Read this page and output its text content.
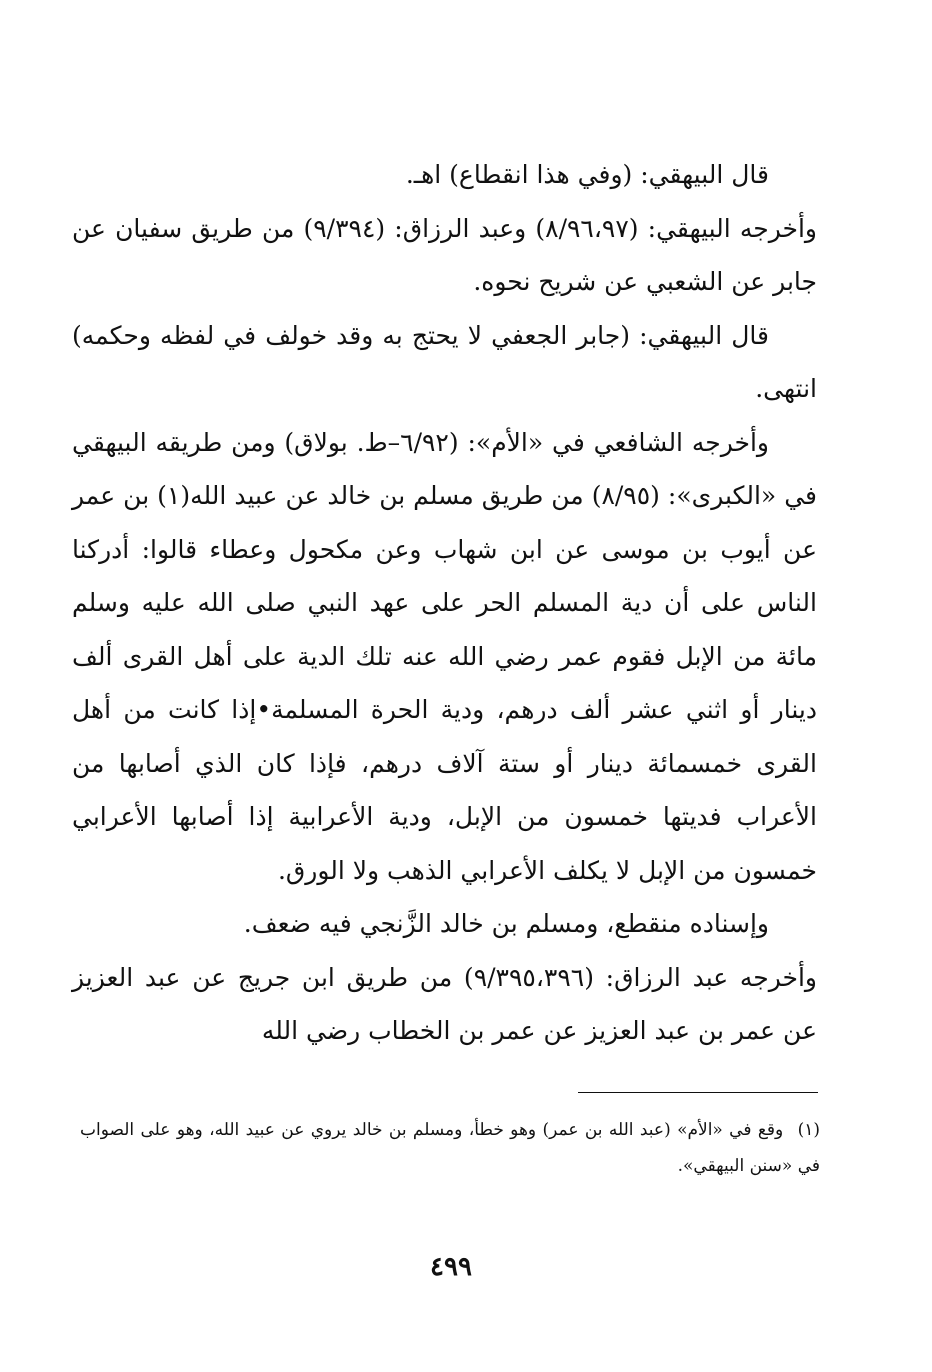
قال البيهقي: (وفي هذا انقطاع) اهـ.

وأخرجه البيهقي: (٨/٩٦،٩٧) وعبد الرزاق: (٩/٣٩٤) من طريق سفيان عن جابر عن الشعبي عن شريح نحوه.

قال البيهقي: (جابر الجعفي لا يحتج به وقد خولف في لفظه وحكمه) انتهى.

وأخرجه الشافعي في «الأم»: (٦/٩٢–ط. بولاق) ومن طريقه البيهقي في «الكبرى»: (٨/٩٥) من طريق مسلم بن خالد عن عبيد الله(١) بن عمر عن أيوب بن موسى عن ابن شهاب وعن مكحول وعطاء قالوا: أدركنا الناس على أن دية المسلم الحر على عهد النبي صلى الله عليه وسلم مائة من الإبل فقوم عمر رضي الله عنه تلك الدية على أهل القرى ألف دينار أو اثني عشر ألف درهم، ودية الحرة المسلمة•إذا كانت من أهل القرى خمسمائة دينار أو ستة آلاف درهم، فإذا كان الذي أصابها من الأعراب فديتها خمسون من الإبل، ودية الأعرابية إذا أصابها الأعرابي خمسون من الإبل لا يكلف الأعرابي الذهب ولا الورق.

وإسناده منقطع، ومسلم بن خالد الزَّنجي فيه ضعف.

وأخرجه عبد الرزاق: (٩/٣٩٥،٣٩٦) من طريق ابن جريج عن عبد العزيز عن عمر بن عبد العزيز عن عمر بن الخطاب رضي الله

(١) وقع في «الأم» (عبد الله بن عمر) وهو خطأ، ومسلم بن خالد يروي عن عبيد الله، وهو على الصواب في «سنن البيهقي».

٤٩٩
